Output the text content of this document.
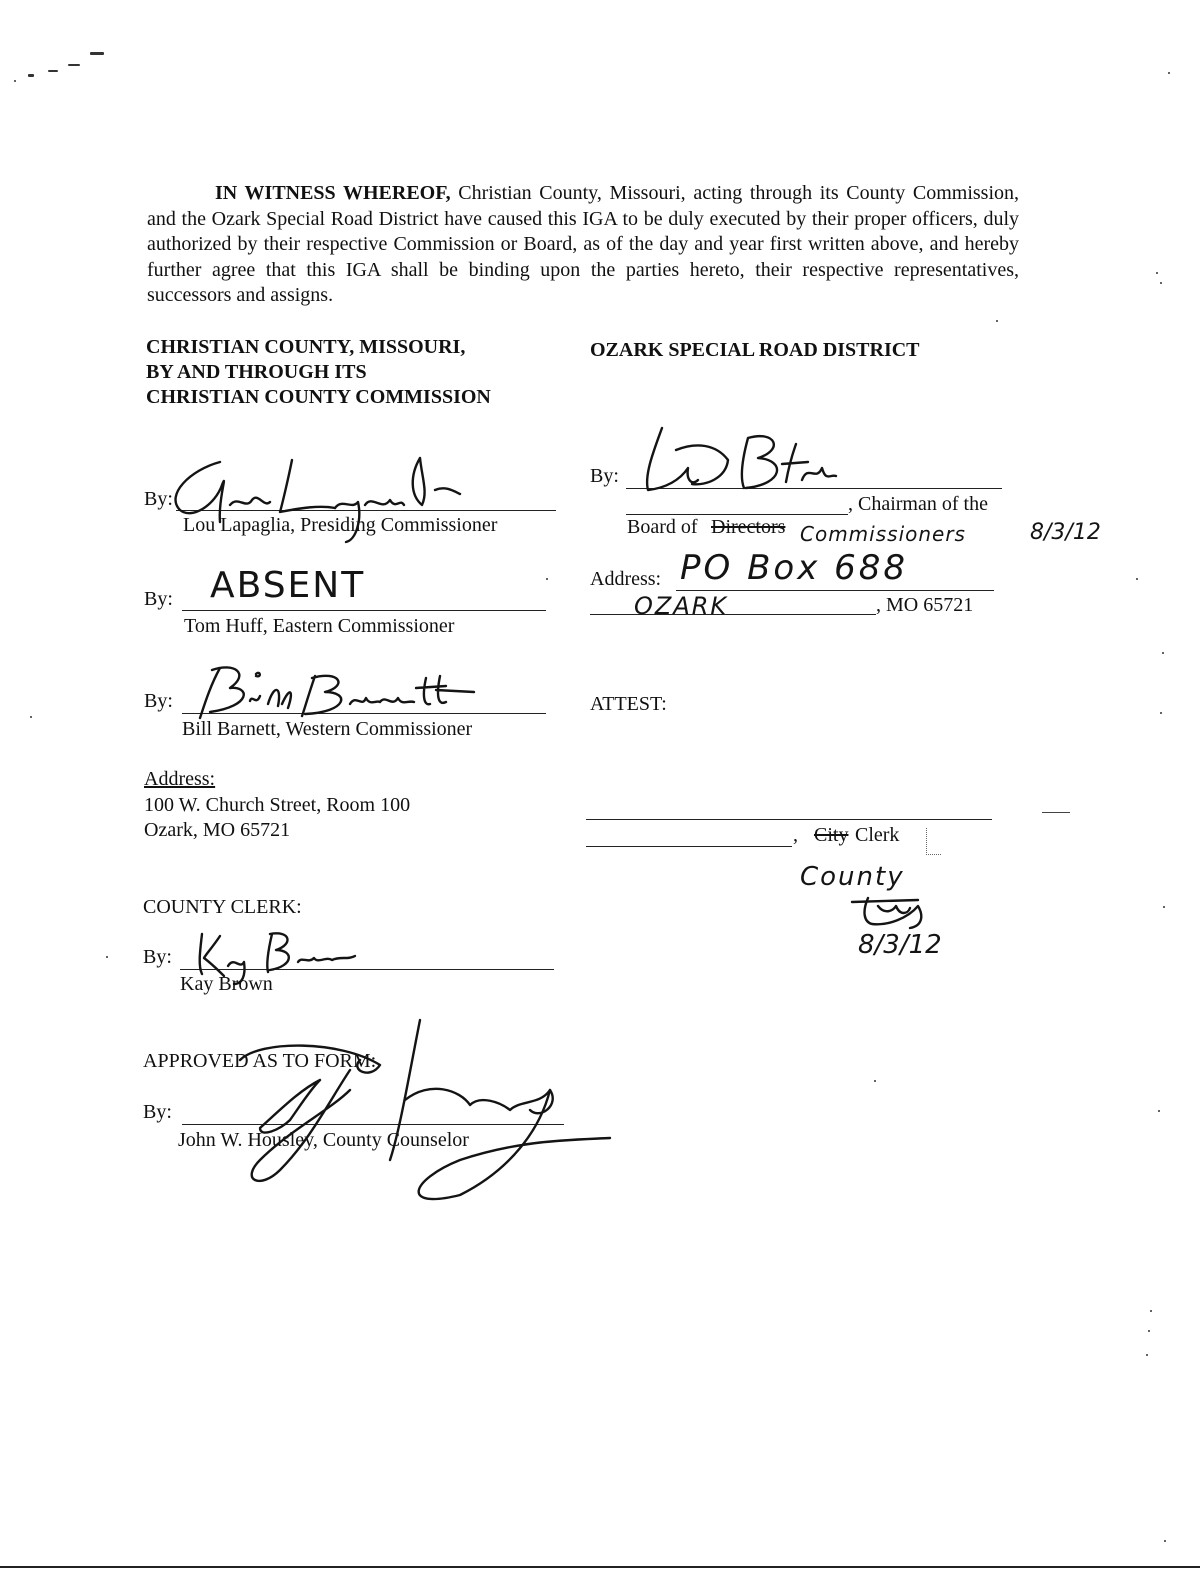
IN WITNESS WHEREOF, Christian County, Missouri, acting through its County Commission, and the Ozark Special Road District have caused this IGA to be duly executed by their proper officers, duly authorized by their respective Commission or Board, as of the day and year first written above, and hereby further agree that this IGA shall be binding upon the parties hereto, their respective representatives, successors and assigns.
CHRISTIAN COUNTY, MISSOURI,
BY AND THROUGH ITS
CHRISTIAN COUNTY COMMISSION
OZARK SPECIAL ROAD DISTRICT
By:
Lou Lapaglia, Presiding Commissioner
By: ABSENT
Tom Huff, Eastern Commissioner
By:
Bill Barnett, Western Commissioner
Address:
100 W. Church Street, Room 100
Ozark, MO 65721
COUNTY CLERK:
By:
Kay Brown
APPROVED AS TO FORM:
By:
John W. Housley, County Counselor
By:
, Chairman of the
Board of Directors Commissioners	8/3/12
Address: PO Box 688
OZARK	, MO 65721
ATTEST:
, City Clerk
County
8/3/12
